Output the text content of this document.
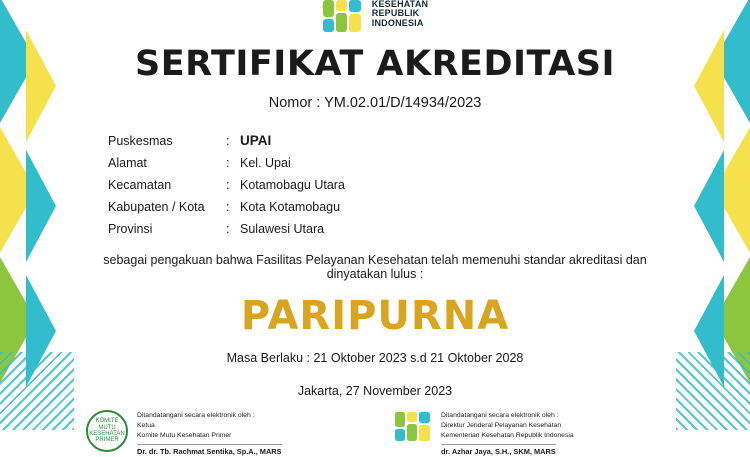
KESEHATAN
REPUBLIK
INDONESIA
SERTIFIKAT AKREDITASI
Nomor : YM.02.01/D/14934/2023
Puskesmas	: UPAI
Alamat	: Kel. Upai
Kecamatan	: Kotamobagu Utara
Kabupaten / Kota	: Kota Kotamobagu
Provinsi	: Sulawesi Utara
sebagai pengakuan bahwa Fasilitas Pelayanan Kesehatan telah memenuhi standar akreditasi dan dinyatakan lulus :
PARIPURNA
Masa Berlaku : 21 Oktober 2023 s.d 21 Oktober 2028
Jakarta, 27 November 2023
KOMITE MUTU KESEHATAN PRIMER
Ditandatangani secara elektronik oleh :
Ketua
Komite Mutu Kesehatan Primer
Dr. dr. Tb. Rachmat Sentika, Sp.A., MARS
Ditandatangani secara elektronik oleh :
Direktur Jenderal Pelayanan Kesehatan
Kementerian Kesehatan Republik Indonesia
dr. Azhar Jaya, S.H., SKM, MARS
